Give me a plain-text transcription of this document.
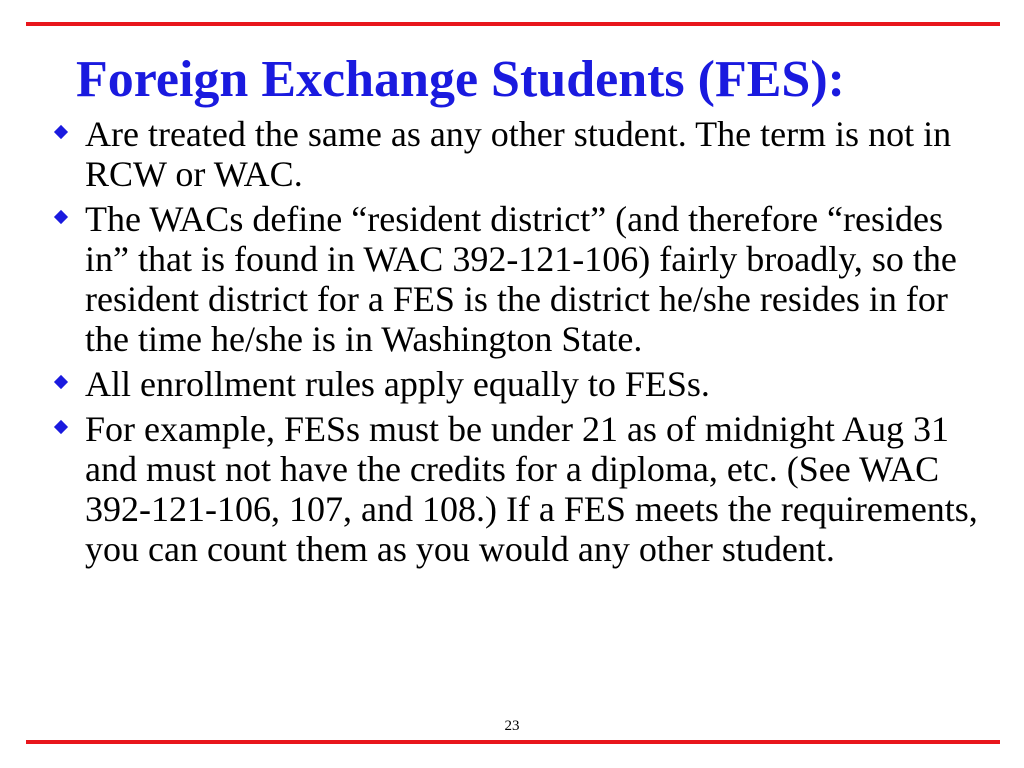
Foreign Exchange Students (FES):
Are treated the same as any other student. The term is not in RCW or WAC.
The WACs define “resident district” (and therefore “resides in” that is found in WAC 392-121-106) fairly broadly, so the resident district for a FES is the district he/she resides in for the time he/she is in Washington State.
All enrollment rules apply equally to FESs.
For example, FESs must be under 21 as of midnight Aug 31 and must not have the credits for a diploma, etc. (See WAC 392-121-106, 107, and 108.) If a FES meets the requirements, you can count them as you would any other student.
23
